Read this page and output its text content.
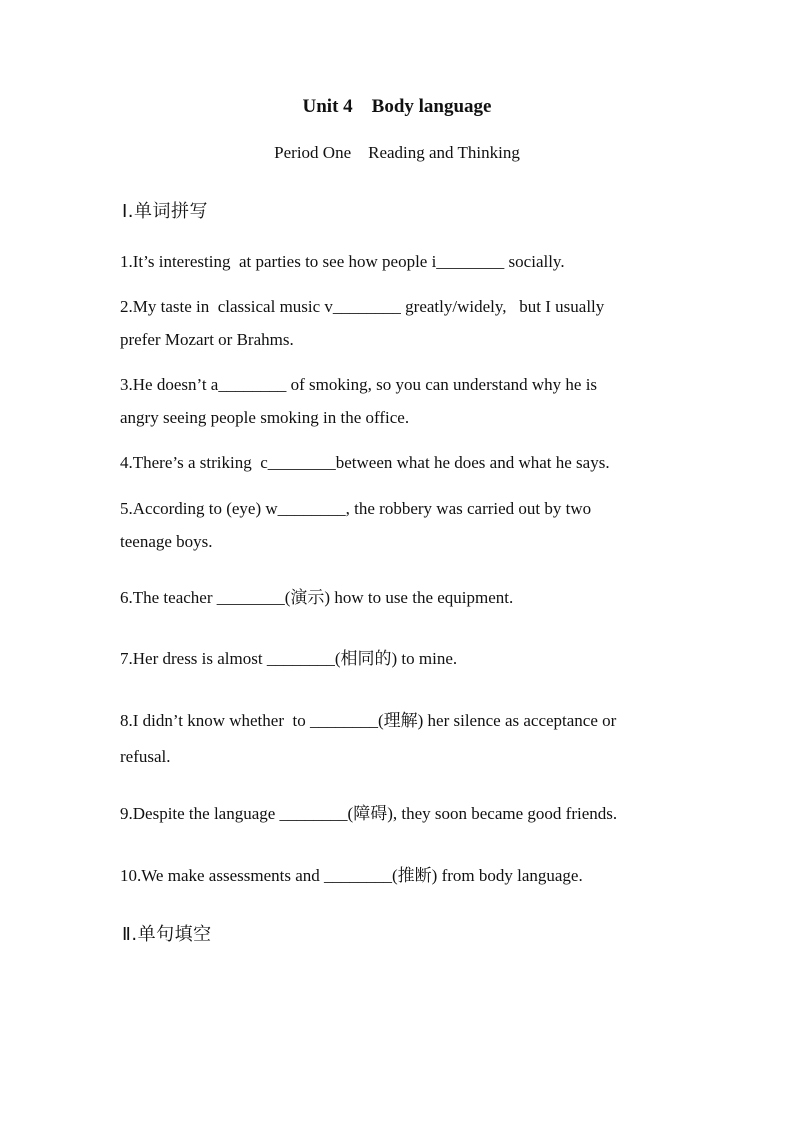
Unit 4    Body language
Period One    Reading and Thinking
Ⅰ.单词拼写
1.It’s interesting  at parties to see how people i________ socially.
2.My taste in  classical music v________ greatly/widely,   but I usually
prefer Mozart or Brahms.
3.He doesn’t a________ of smoking, so you can understand why he is
angry seeing people smoking in the office.
4.There’s a striking  c________between what he does and what he says.
5.According to (eye) w________, the robbery was carried out by two
teenage boys.
6.The teacher ________(演示) how to use the equipment.
7.Her dress is almost ________(相同的) to mine.
8.I didn’t know whether  to ________(理解) her silence as acceptance or
refusal.
9.Despite the language ________(障碍), they soon became good friends.
10.We make assessments and ________(推断) from body language.
Ⅱ.单句填空
